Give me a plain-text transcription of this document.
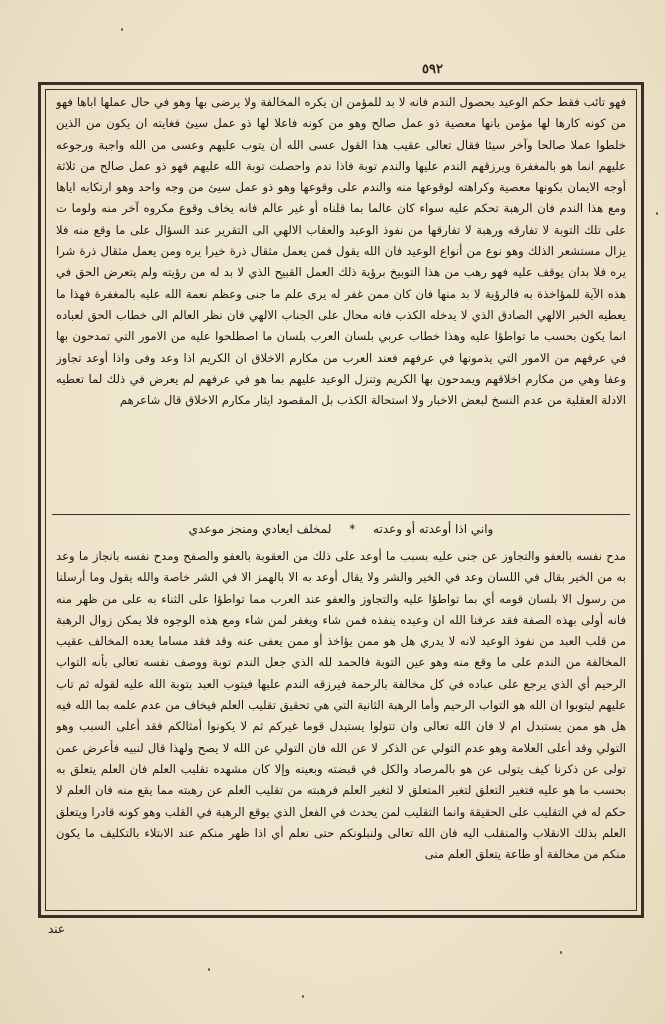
٥٩٢

فهو تائب فقط حكم الوعيد بحصول الندم فانه لا بد للمؤمن ان يكره المخالفة ولا يرضى بها وهو في حال عملها اباها فهو من كونه كارها لها مؤمن بانها معصية ذو عمل صالح وهو من كونه فاعلا لها ذو عمل سيئ فغايته ان يكون من الذين خلطوا عملا صالحا وآخر سيئا فقال تعالى عقيب هذا القول عسى الله أن يتوب عليهم وعسى من الله واجبة ورجوعه عليهم انما هو بالمغفرة ويرزقهم الندم عليها والندم توبة فاذا ندم واحصلت توبة الله عليهم فهو ذو عمل صالح من ثلاثة أوجه الايمان بكونها معصية وكراهته لوقوعها منه والندم على وقوعها وهو ذو عمل سيئ من وجه واحد وهو ارتكابه اياها ومع هذا الندم فان الرهبة تحكم عليه سواء كان عالما بما قلناه أو غير عالم فانه يخاف وقوع مكروه آخر منه ولوما ت على تلك التوبة لا تفارقه ورهبة لا تفارقها من نفوذ الوعيد والعقاب الالهي الى التقرير عند السؤال على ما وقع منه فلا يزال مستشعر الذلك وهو نوع من أنواع الوعيد فان الله يقول فمن يعمل مثقال ذرة خيرا يره ومن يعمل مثقال ذرة شرا يره فلا بدان يوقف عليه فهو رهب من هذا التوبيخ برؤية ذلك العمل القبيح الذي لا بد له من رؤيته ولم يتعرض الحق في هذه الآية للمؤاخذة به فالرؤية لا بد منها فان كان ممن غفر له يرى علم ما جنى وعظم نعمة الله عليه بالمغفرة فهذا ما يعطيه الخبر الالهي الصادق الذي لا يدخله الكذب فانه محال على الجناب الالهي فان نظر العالم الى خطاب الحق لعباده انما يكون بحسب ما تواطؤا عليه وهذا خطاب عربي بلسان العرب بلسان ما اصطلحوا عليه من الامور التي تمدحون بها في عرفهم من الامور التي يذمونها في عرفهم فعند العرب من مكارم الاخلاق ان الكريم اذا وعد وفى واذا أوعد تجاوز وعفا وهي من مكارم اخلاقهم ويمدحون بها الكريم وتنزل الوعيد عليهم بما هو في عرفهم لم يعرض في ذلك لما تعطيه الادلة العقلية من عدم النسخ لبعض الاخبار ولا استحالة الكذب بل المقصود ايثار مكارم الاخلاق قال شاعرهم

واني اذا أوعدته أو وعدته * لمخلف ايعادي ومنجز موعدي

مدح نفسه بالعفو والتجاوز عن جنى عليه بسبب ما أوعد على ذلك من العقوبة بالعفو والصفح ومدح نفسه بانجاز ما وعد به من الخير بقال في اللسان وعد في الخير والشر ولا يقال أوعد به الا بالهمز الا في الشر خاصة والله يقول وما أرسلنا من رسول الا بلسان قومه أي بما تواطؤا عليه والتجاوز والعفو عند العرب مما تواطؤا على الثناء به على من ظهر منه فانه أولى بهذه الصفة فقد عرفنا الله ان وعيده ينفذه فمن شاء ويغفر لمن شاء ومع هذه الوجوه فلا يمكن زوال الرهبة من قلب العبد من نفوذ الوعيد لانه لا يدري هل هو ممن يؤاخذ أو ممن يعفى عنه وقد فقد مساما يعده المخالف عقيب المخالفة من الندم على ما وقع منه وهو عين التوبة فالحمد لله الذي جعل الندم توبة ووصف نفسه تعالى بأنه التواب الرحيم أي الذي يرجع على عباده في كل مخالفة بالرحمة فيرزقه الندم عليها فيتوب العبد بتوبة الله عليه لقوله ثم تاب عليهم ليتوبوا ان الله هو التواب الرحيم وأما الرهبة الثانية التي هي تحقيق تقليب العلم فيخاف من عدم علمه بما الله فيه هل هو ممن يستبدل ام لا فان الله تعالى وان تتولوا يستبدل قوما غيركم ثم لا يكونوا أمثالكم فقد أعلى السبب وهو التولي وقد أعلى العلامة وهو عدم التولي عن الذكر لا عن الله فان التولي عن الله لا يصح ولهذا قال لنبيه فأعرض عمن تولى عن ذكرنا كيف يتولى عن هو بالمرصاد والكل في قبضته وبعينه وإلا كان مشهده تقليب العلم فان العلم يتعلق به بحسب ما هو عليه فتغير التعلق لتغير المتعلق لا لتغير العلم فرهبته من تقليب العلم عن رهبته مما يقع منه فان العلم لا حكم له في التقليب على الحقيقة وانما التقليب لمن يحدث في الفعل الذي يوقع الرهبة في القلب وهو كونه قادرا ويتعلق العلم بذلك الانقلاب والمنقلب اليه فان الله تعالى ولنبلونكم حتى نعلم أي اذا ظهر منكم عند الابتلاء بالتكليف ما يكون منكم من مخالفة أو طاعة يتعلق العلم منى

عند
